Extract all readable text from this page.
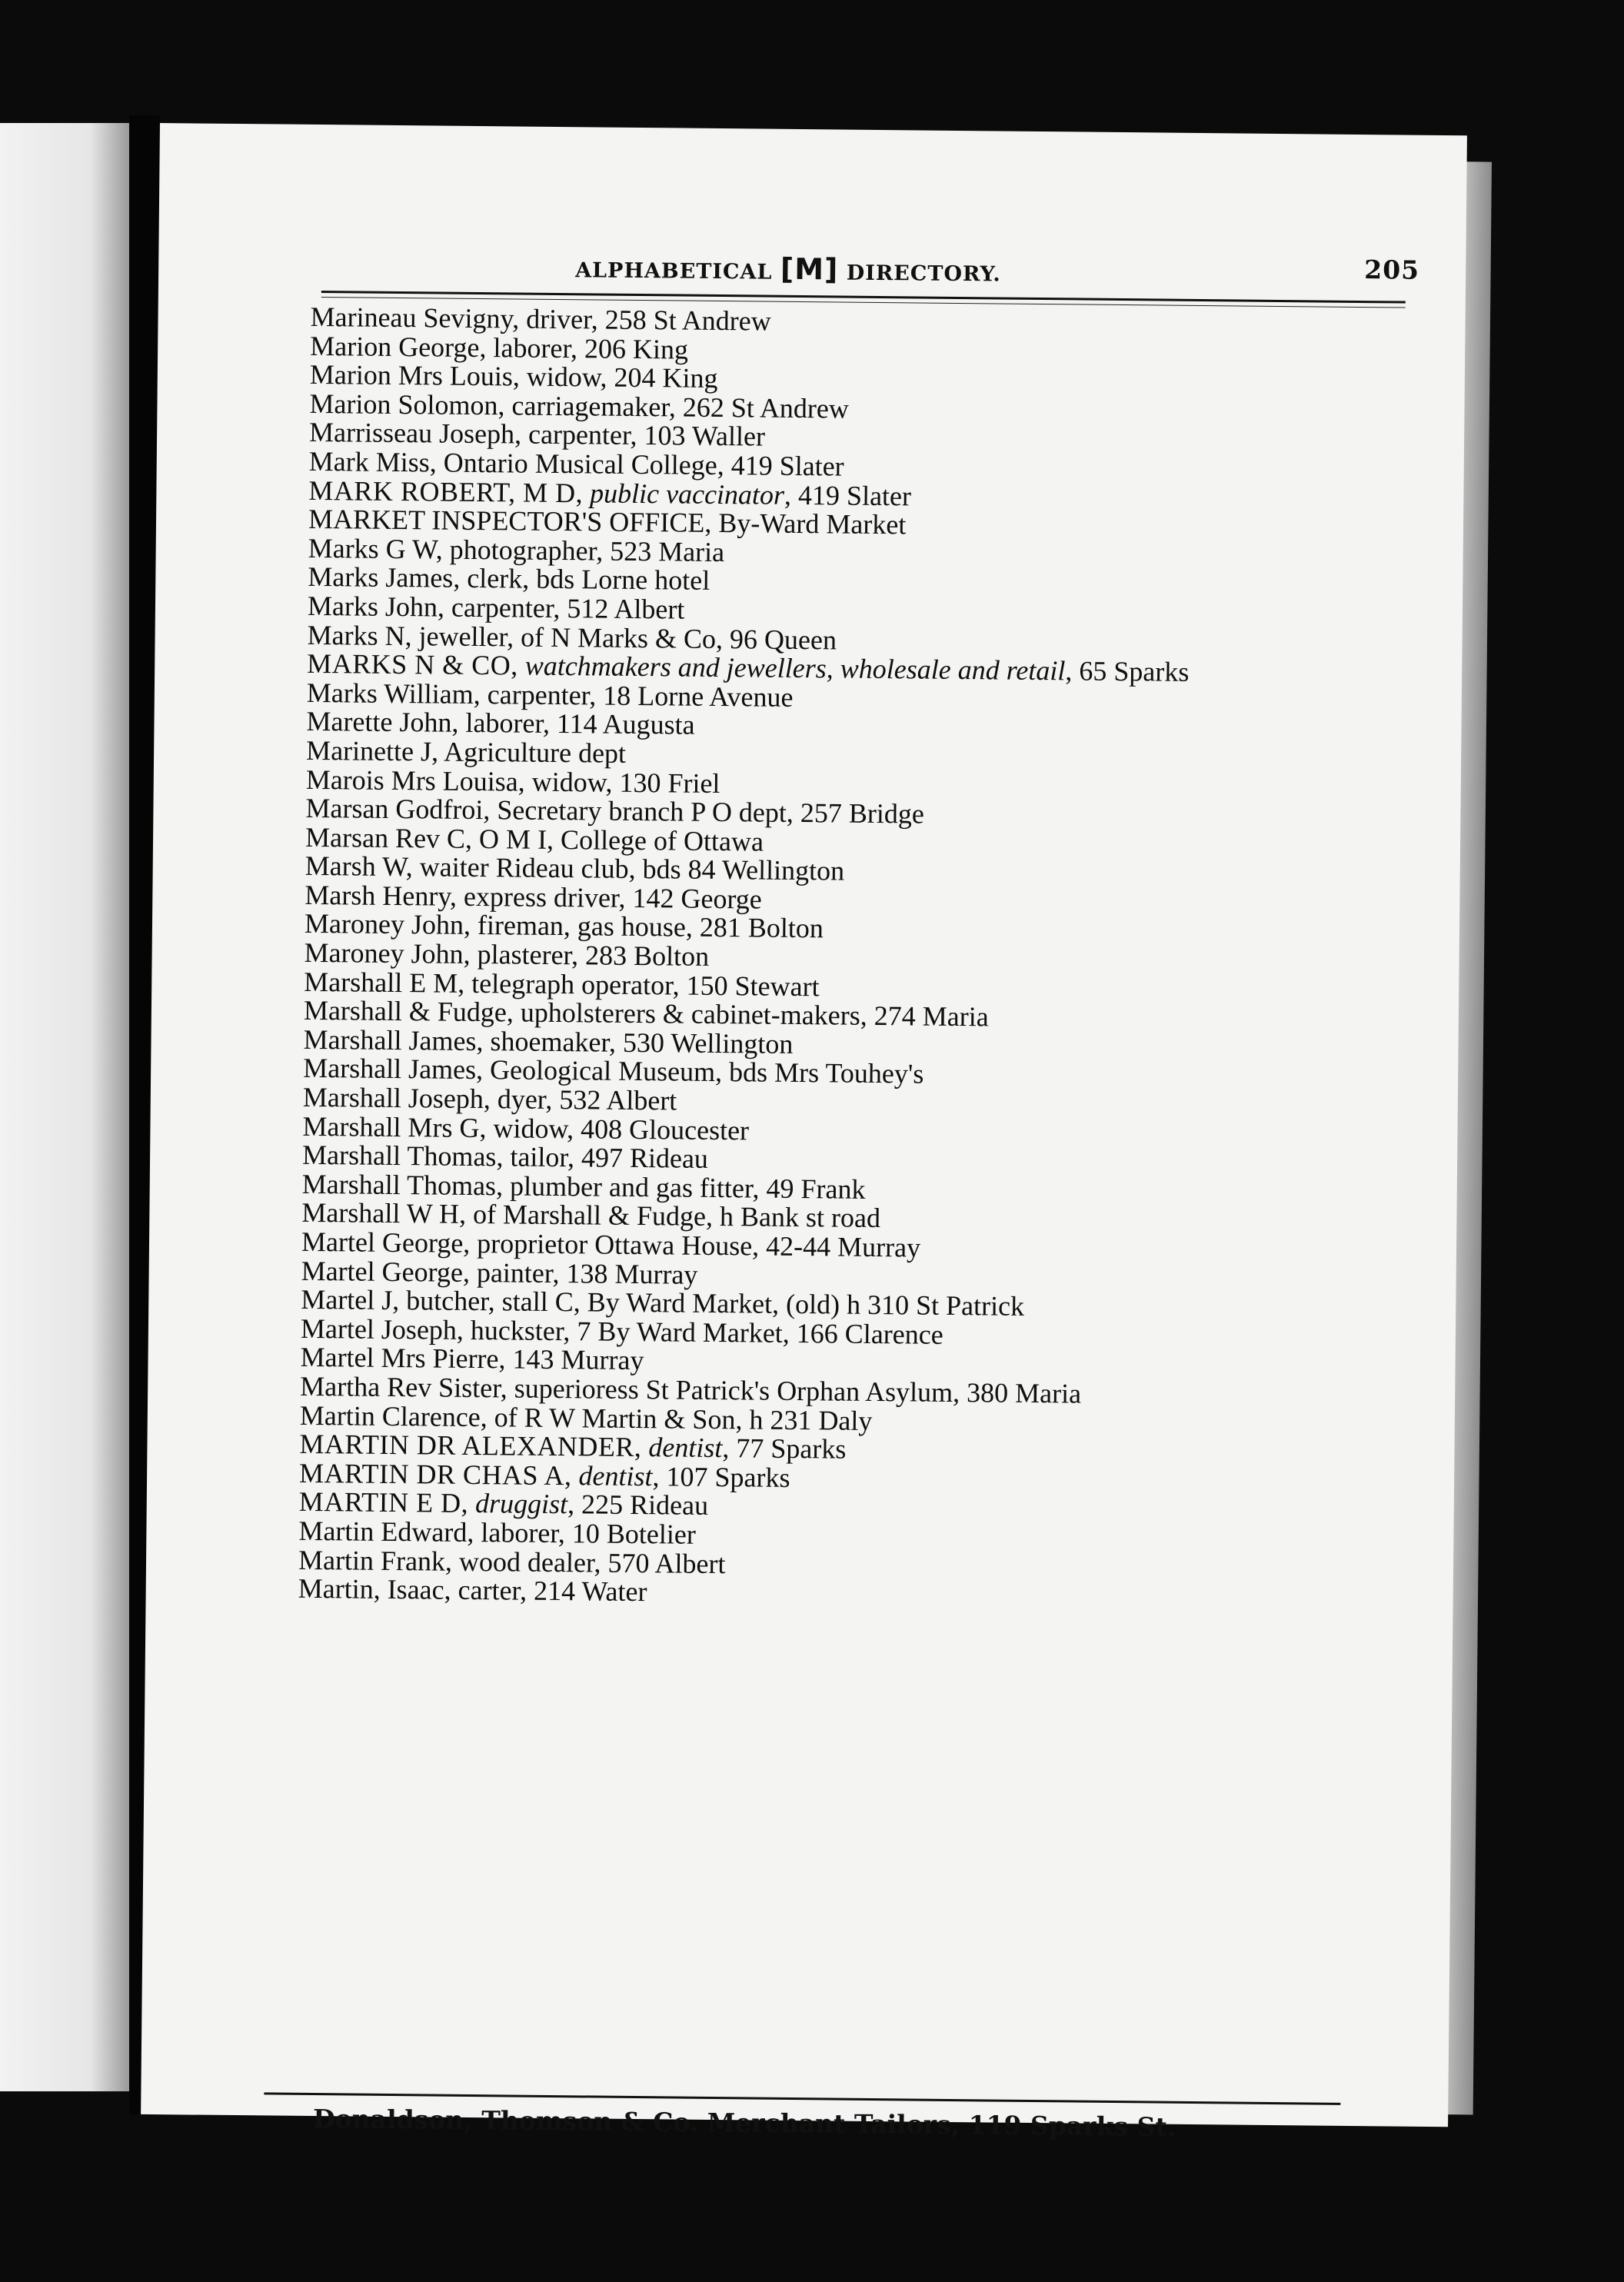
ALPHABETICAL [M] DIRECTORY.	205
Marineau Sevigny, driver, 258 St Andrew
Marion George, laborer, 206 King
Marion Mrs Louis, widow, 204 King
Marion Solomon, carriagemaker, 262 St Andrew
Marrisseau Joseph, carpenter, 103 Waller
Mark Miss, Ontario Musical College, 419 Slater
MARK ROBERT, M D, public vaccinator, 419 Slater
MARKET INSPECTOR'S OFFICE, By-Ward Market
Marks G W, photographer, 523 Maria
Marks James, clerk, bds Lorne hotel
Marks John, carpenter, 512 Albert
Marks N, jeweller, of N Marks & Co, 96 Queen
MARKS N & CO, watchmakers and jewellers, wholesale and retail, 65 Sparks
Marks William, carpenter, 18 Lorne Avenue
Marette John, laborer, 114 Augusta
Marinette J, Agriculture dept
Marois Mrs Louisa, widow, 130 Friel
Marsan Godfroi, Secretary branch P O dept, 257 Bridge
Marsan Rev C, O M I, College of Ottawa
Marsh W, waiter Rideau club, bds 84 Wellington
Marsh Henry, express driver, 142 George
Maroney John, fireman, gas house, 281 Bolton
Maroney John, plasterer, 283 Bolton
Marshall E M, telegraph operator, 150 Stewart
Marshall & Fudge, upholsterers & cabinet-makers, 274 Maria
Marshall James, shoemaker, 530 Wellington
Marshall James, Geological Museum, bds Mrs Touhey's
Marshall Joseph, dyer, 532 Albert
Marshall Mrs G, widow, 408 Gloucester
Marshall Thomas, tailor, 497 Rideau
Marshall Thomas, plumber and gas fitter, 49 Frank
Marshall W H, of Marshall & Fudge, h Bank st road
Martel George, proprietor Ottawa House, 42-44 Murray
Martel George, painter, 138 Murray
Martel J, butcher, stall C, By Ward Market, (old) h 310 St Patrick
Martel Joseph, huckster, 7 By Ward Market, 166 Clarence
Martel Mrs Pierre, 143 Murray
Martha Rev Sister, superioress St Patrick's Orphan Asylum, 380 Maria
Martin Clarence, of R W Martin & Son, h 231 Daly
MARTIN DR ALEXANDER, dentist, 77 Sparks
MARTIN DR CHAS A, dentist, 107 Sparks
MARTIN E D, druggist, 225 Rideau
Martin Edward, laborer, 10 Botelier
Martin Frank, wood dealer, 570 Albert
Martin, Isaac, carter, 214 Water
Donaldson, Thomson & Co. Merchant Tailors, 119 Sparks St.
